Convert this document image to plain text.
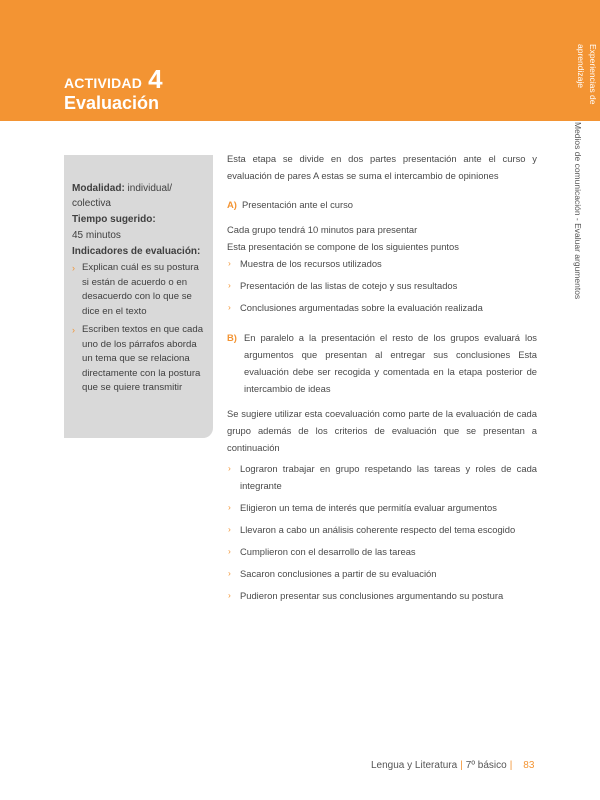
ACTIVIDAD 4
Evaluación	Experiencias de aprendizaje
Medios de comunicación - Evaluar argumentos
Modalidad: individual/ colectiva
Tiempo sugerido:
45 minutos
Indicadores de evaluación:
› Explican cuál es su postura si están de acuerdo o en desacuerdo con lo que se dice en el texto
› Escriben textos en que cada uno de los párrafos aborda un tema que se relaciona directamente con la postura que se quiere transmitir

Esta etapa se divide en dos partes presentación ante el curso y evaluación de pares A estas se suma el intercambio de opiniones

A) Presentación ante el curso

Cada grupo tendrá 10 minutos para presentar

Esta presentación se compone de los siguientes puntos

› Muestra de los recursos utilizados
› Presentación de las listas de cotejo y sus resultados
› Conclusiones argumentadas sobre la evaluación realizada
B) En paralelo a la presentación el resto de los grupos evaluará los argumentos que presentan al entregar sus conclusiones Esta evaluación debe ser recogida y comentada en la etapa posterior de intercambio de ideas

Se sugiere utilizar esta coevaluación como parte de la evaluación de cada grupo además de los criterios de evaluación que se presentan a continuación

› Lograron trabajar en grupo respetando las tareas y roles de cada integrante
› Eligieron un tema de interés que permitía evaluar argumentos
› Llevaron a cabo un análisis coherente respecto del tema escogido
› Cumplieron con el desarrollo de las tareas
› Sacaron conclusiones a partir de su evaluación
› Pudieron presentar sus conclusiones argumentando su postura
Lengua y Literatura | 7º básico | 83
